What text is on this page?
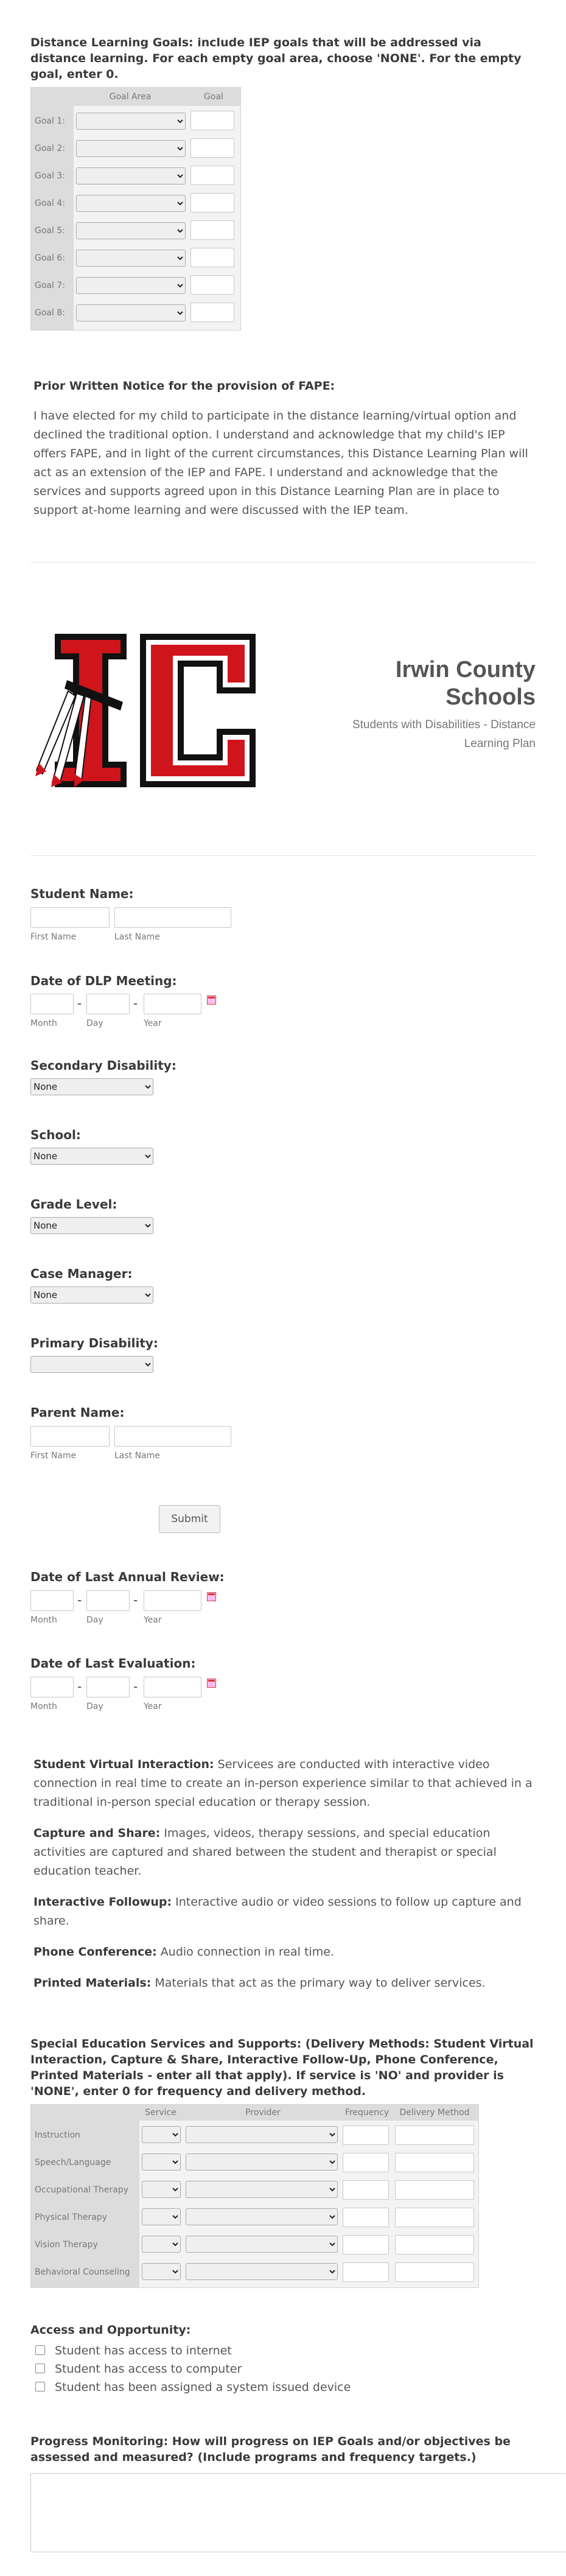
Distance Learning Goals: include IEP goals that will be addressed via distance learning. For each empty goal area, choose 'NONE'. For the empty goal, enter 0.
Goal Area	Goal
Goal 1:
Goal 2:
Goal 3:
Goal 4:
Goal 5:
Goal 6:
Goal 7:
Goal 8:
Prior Written Notice for the provision of FAPE:
I have elected for my child to participate in the distance learning/virtual option and declined the traditional option. I understand and acknowledge that my child's IEP offers FAPE, and in light of the current circumstances, this Distance Learning Plan will act as an extension of the IEP and FAPE. I understand and acknowledge that the services and supports agreed upon in this Distance Learning Plan are in place to support at-home learning and were discussed with the IEP team.
Irwin County Schools
Students with Disabilities - Distance Learning Plan
Student Name:
First Name	Last Name
Date of DLP Meeting:
-	-
Month	Day	Year
Secondary Disability:
None
School:
None
Grade Level:
None
Case Manager:
None
Primary Disability:
Parent Name:
First Name	Last Name
Submit
Date of Last Annual Review:
-	-
Month	Day	Year
Date of Last Evaluation:
-	-
Month	Day	Year

Student Virtual Interaction: Servicees are conducted with interactive video connection in real time to create an in-person experience similar to that achieved in a traditional in-person special education or therapy session.

Capture and Share: Images, videos, therapy sessions, and special education activities are captured and shared between the student and therapist or special education teacher.

Interactive Followup: Interactive audio or video sessions to follow up capture and share.

Phone Conference: Audio connection in real time.

Printed Materials: Materials that act as the primary way to deliver services.

Special Education Services and Supports: (Delivery Methods: Student Virtual Interaction, Capture & Share, Interactive Follow-Up, Phone Conference, Printed Materials - enter all that apply). If service is 'NO' and provider is 'NONE', enter 0 for frequency and delivery method.
Service	Provider	Frequency	Delivery Method
Instruction
Speech/Language
Occupational Therapy
Physical Therapy
Vision Therapy
Behavioral Counseling
Access and Opportunity:
Student has access to internet
Student has access to computer
Student has been assigned a system issued device
Progress Monitoring: How will progress on IEP Goals and/or objectives be assessed and measured? (Include programs and frequency targets.)
